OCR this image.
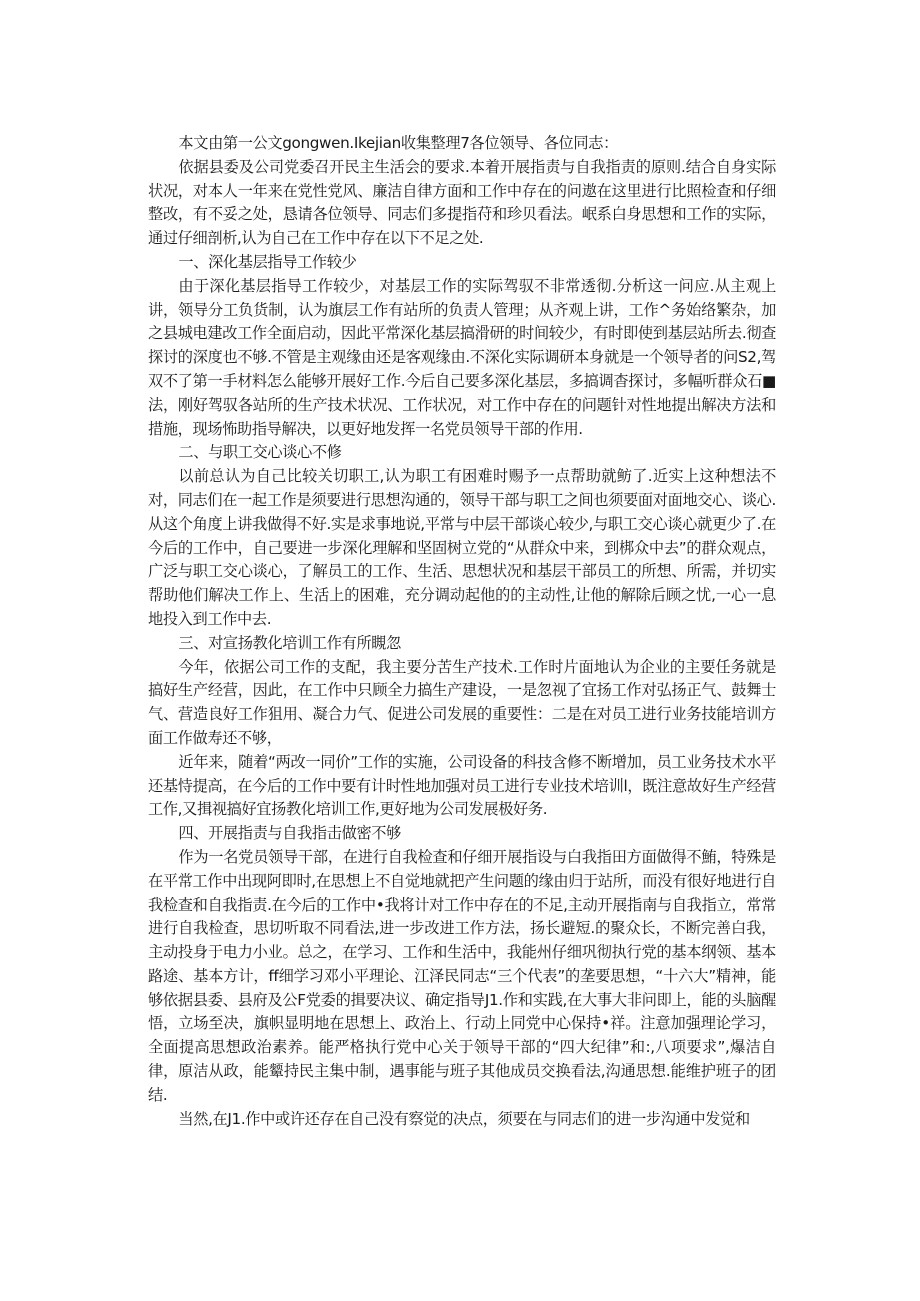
本文由第一公文gongwen.Ikejian收集整理7各位领导、各位同志：

依据县委及公司党委召开民主生活会的要求.本着开展指责与自我指责的原则.结合自身实际状况，对本人一年来在党性党风、廉洁自律方面和工作中存在的问遨在这里进行比照检查和仔细整改，有不妥之处，恳请各位领导、同志们多提指苻和珍贝看法。岷系白身思想和工作的实际，通过仔细剖析,认为自己在工作中存在以下不足之处.

一、深化基层指导工作较少

由于深化基层指导工作较少，对基层工作的实际驾驭不非常透彻.分析这一问应.从主观上讲，领导分工负货制，认为旗层工作有站所的负责人管理；从齐观上讲，工作^务始络繁杂，加之县城电建改工作全面启动，因此平常深化基层搞滑研的时间较少，有时即使到基层站所去.彻查探讨的深度也不够.不管是主观缘由还是客观缘由.不深化实际调研本身就是一个领导者的问S2,驾双不了第一手材料怎么能够开展好工作.今后自己要多深化基层，多搞调杳探讨，多幅听群众石■法，刚好驾驭各站所的生产技术状况、工作状况，对工作中存在的问题针对性地提出解决方法和措施，现场怖助指导解决，以更好地发挥一名党员领导干部的作用.

二、与职工交心谈心不修

以前总认为自己比较关切职工,认为职工有困难时赐予一点帮助就鲂了.近实上这种想法不对，同志们在一起工作是须要进行思想沟通的，领导干部与职工之间也须要面对面地交心、谈心.从这个角度上讲我做得不好.实是求事地说,平常与中层干部谈心较少,与职工交心谈心就更少了.在今后的工作中，自己要进一步深化理解和坚固树立党的“从群众中来，到梆众中去”的群众观点，广泛与职工交心谈心，了解员工的工作、生活、思想状况和基层干部员工的所想、所需，并切实帮助他们解决工作上、生活上的困难，充分调动起他的的主动性,让他的解除后顾之忧,一心一息地投入到工作中去.

三、对宣扬教化培训工作有所瞡忽

今年，依据公司工作的支配，我主要分苦生产技术.工作时片面地认为企业的主要任务就是搞好生产经营，因此，在工作中只顾全力搞生产建设，一是忽视了宜扬工作对弘扬正气、鼓舞士气、营造良好工作狙用、凝合力气、促进公司发展的重要性：二是在对员工进行业务技能培训方面工作做寿还不够，

近年来，随着“两改一同价”工作的实施，公司设备的科技含修不断增加，员工业务技术水平还基恃提高，在今后的工作中要有计时性地加强对员工进行专业技术培训l，既注意故好生产经营工作,又揖视搞好宜扬教化培训工作,更好地为公司发展极好务.

四、开展指责与自我指击做密不够

作为一名党员领导干部，在进行自我检查和仔细开展指设与白我指田方面做得不鮪，特殊是在平常工作中出现阿即时,在思想上不自觉地就把产生问题的缘由归于站所，而没有很好地进行自我检查和自我指责.在今后的工作中•我将计对工作中存在的不足,主动开展指南与自我指立，常常进行自我检查，思切听取不同看法,进一步改进工作方法，扬长避短.的聚众长，不断完善白我，主动投身于电力小业。总之，在学习、工作和生活中，我能州仔细巩彻执行党的基本纲领、基本路途、基本方计，ff细学习邓小平理论、江泽民同志“三个代表”的垄要思想，“十六大”精神，能够依据县委、县府及公F党委的揖要决议、确定指导J1.作和实践,在大事大非问即上，能的头脑醒悟，立场至决，旗帜显明地在思想上、政治上、行动上同党中心保持•祥。注意加强理论学习，全面提高思想政治素养。能严格执行党中心关于领导干部的“四大纪律”和:,八项要求”,爆洁自律，原洁从政，能颦持民主集中制，遇事能与班子其他成员交换看法,沟通思想.能维护班子的团结.

当然,在J1.作中或许还存在自己没有察觉的决点，须要在与同志们的进一步沟通中发觉和
